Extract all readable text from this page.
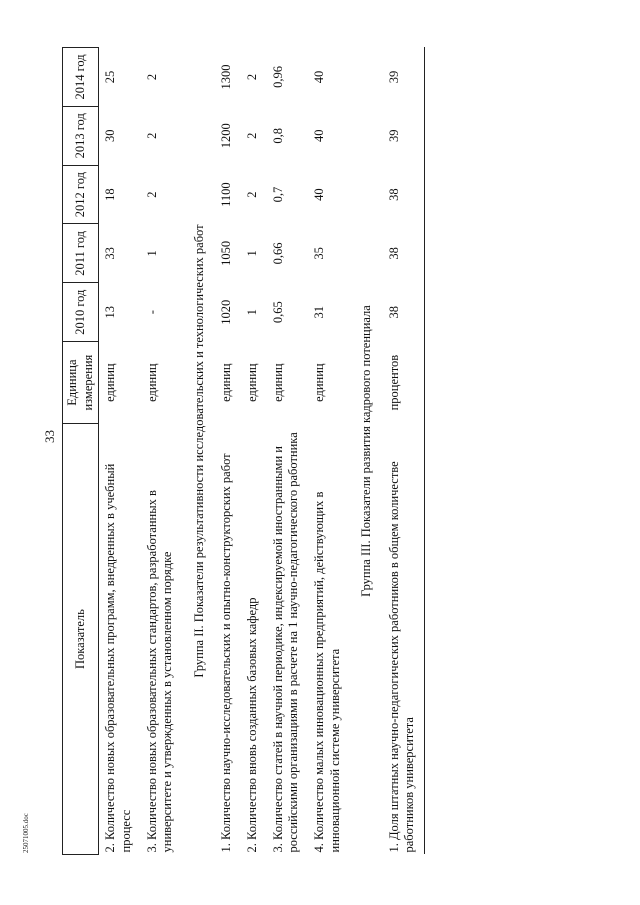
33
25071005.doc
Показатель	Единица измерения	2010 год	2011 год	2012 год	2013 год	2014 год
2. Количество новых образовательных программ, внедренных в учебный процесс	единиц	13	33	18	30	25
3. Количество новых образовательных стандартов, разработанных в университете и утвержденных в установленном порядке	единиц	-	1	2	2	2
Группа II. Показатели результативности исследовательских и технологических работ						
1. Количество научно-исследовательских и опытно-конструкторских работ	единиц	1020	1050	1100	1200	1300
2. Количество вновь созданных базовых кафедр	единиц	1	1	2	2	2
3. Количество статей в научной периодике, индексируемой иностранными и российскими организациями в расчете на 1 научно-педагогического работника	единиц	0,65	0,66	0,7	0,8	0,96
4. Количество малых инновационных предприятий, действующих в инновационной системе университета	единиц	31	35	40	40	40
Группа III. Показатели развития кадрового потенциала						
1. Доля штатных научно-педагогических работников в общем количестве работников университета	процентов	38	38	38	39	39
